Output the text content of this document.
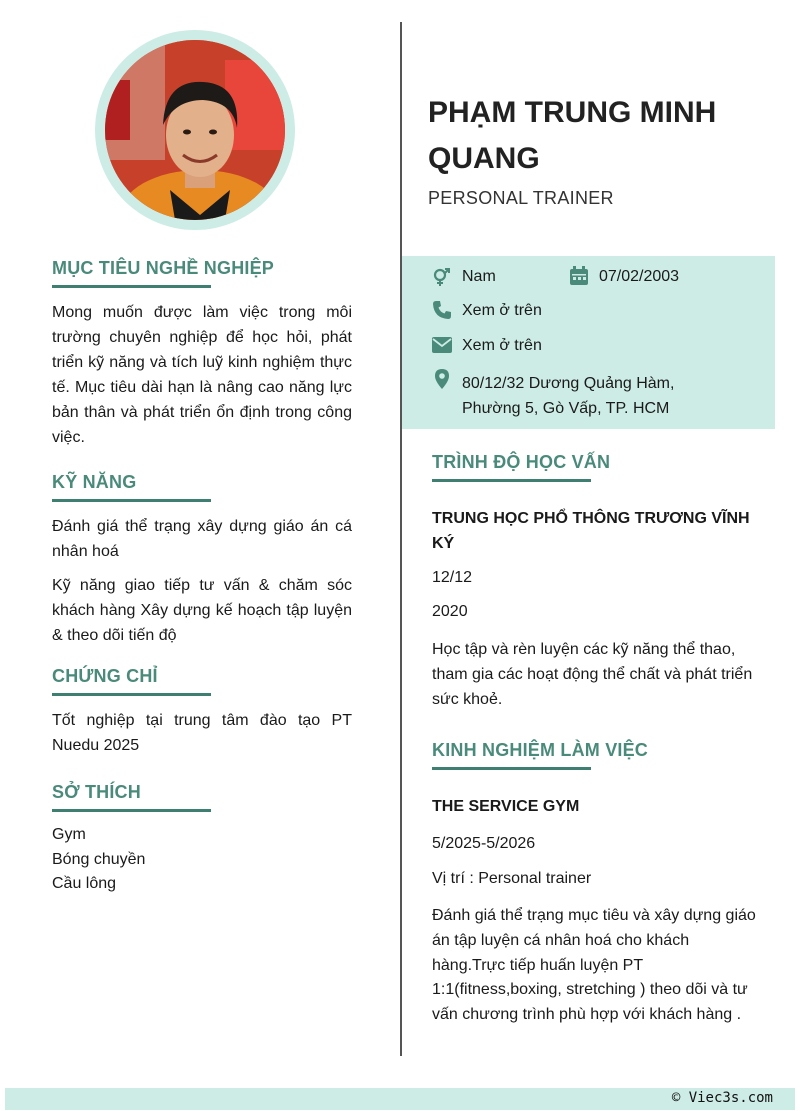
MỤC TIÊU NGHỀ NGHIỆP
Mong muốn được làm việc trong môi trường chuyên nghiệp để học hỏi, phát triển kỹ năng và tích luỹ kinh nghiệm thực tế. Mục tiêu dài hạn là nâng cao năng lực bản thân và phát triển ổn định trong công việc.
KỸ NĂNG
Đánh giá thể trạng xây dựng giáo án cá nhân hoá
Kỹ năng giao tiếp tư vấn & chăm sóc khách hàng Xây dựng kế hoạch tập luyện & theo dõi tiến độ
CHỨNG CHỈ
Tốt nghiệp tại trung tâm đào tạo PT Nuedu 2025
SỞ THÍCH
Gym
Bóng chuyền
Cầu lông
PHẠM TRUNG MINH QUANG
PERSONAL TRAINER
Nam	07/02/2003
Xem ở trên
Xem ở trên
80/12/32 Dương Quảng Hàm,
Phường 5, Gò Vấp, TP. HCM
TRÌNH ĐỘ HỌC VẤN
TRUNG HỌC PHỔ THÔNG TRƯƠNG VĨNH KÝ
12/12
2020
Học tập và rèn luyện các kỹ năng thể thao, tham gia các hoạt động thể chất và phát triển sức khoẻ.
KINH NGHIỆM LÀM VIỆC
THE SERVICE GYM
5/2025-5/2026
Vị trí : Personal trainer
Đánh giá thể trạng mục tiêu và xây dựng giáo án tập luyện cá nhân hoá cho khách hàng.Trực tiếp huấn luyện PT 1:1(fitness,boxing, stretching ) theo dõi và tư vấn chương trình phù hợp với khách hàng .
© Viec3s.com
